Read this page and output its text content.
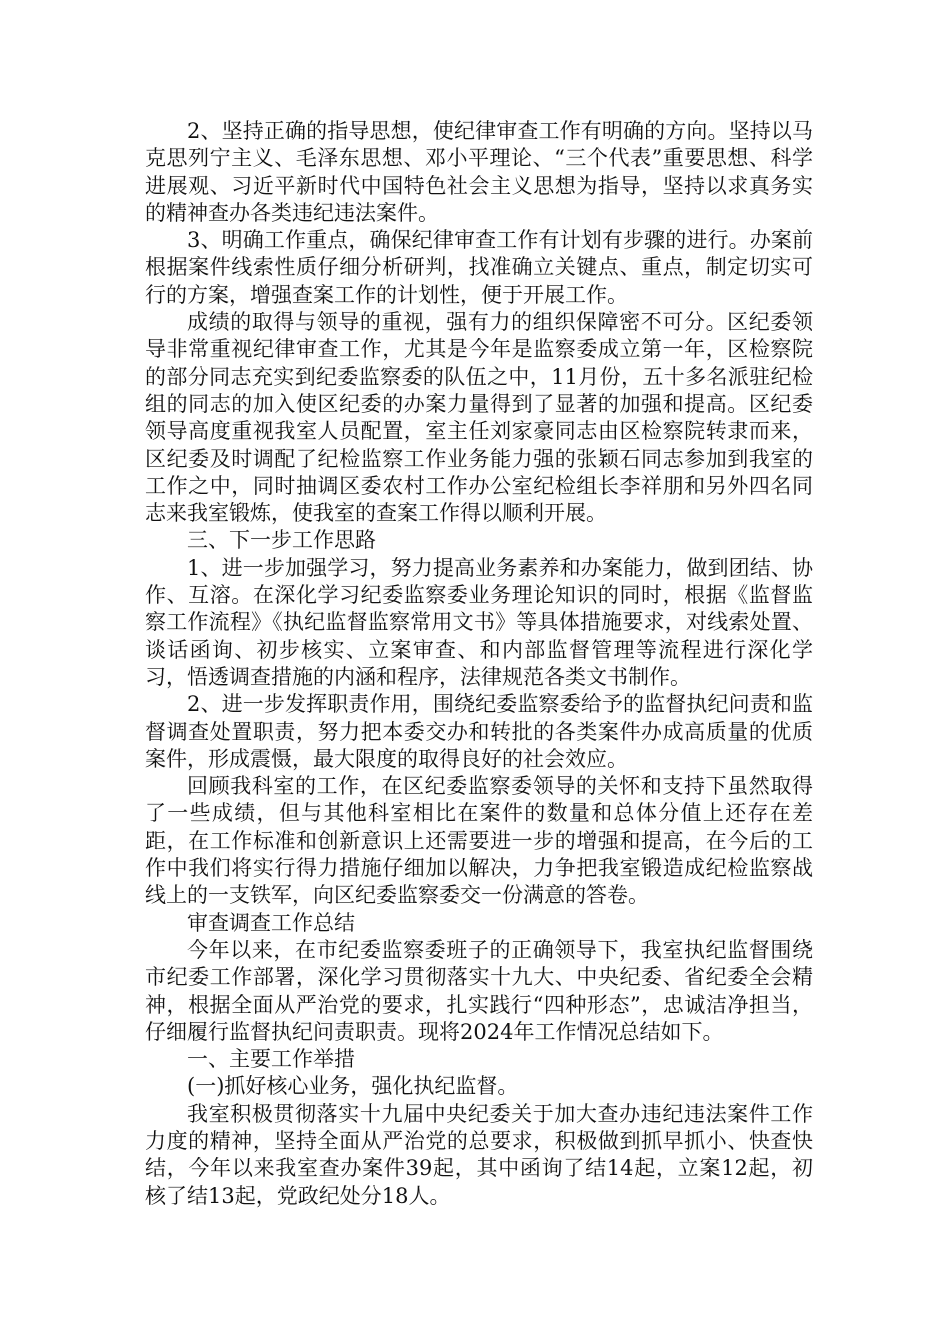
2、坚持正确的指导思想，使纪律审查工作有明确的方向。坚持以马克思列宁主义、毛泽东思想、邓小平理论、“三个代表”重要思想、科学进展观、习近平新时代中国特色社会主义思想为指导，坚持以求真务实的精神查办各类违纪违法案件。

3、明确工作重点，确保纪律审查工作有计划有步骤的进行。办案前根据案件线索性质仔细分析研判，找准确立关键点、重点，制定切实可行的方案，增强查案工作的计划性，便于开展工作。

成绩的取得与领导的重视，强有力的组织保障密不可分。区纪委领导非常重视纪律审查工作，尤其是今年是监察委成立第一年，区检察院的部分同志充实到纪委监察委的队伍之中，11月份，五十多名派驻纪检组的同志的加入使区纪委的办案力量得到了显著的加强和提高。区纪委领导高度重视我室人员配置，室主任刘家豪同志由区检察院转隶而来，区纪委及时调配了纪检监察工作业务能力强的张颖石同志参加到我室的工作之中，同时抽调区委农村工作办公室纪检组长李祥朋和另外四名同志来我室锻炼，使我室的查案工作得以顺利开展。

三、下一步工作思路

1、进一步加强学习，努力提高业务素养和办案能力，做到团结、协作、互溶。在深化学习纪委监察委业务理论知识的同时，根据《监督监察工作流程》《执纪监督监察常用文书》等具体措施要求，对线索处置、谈话函询、初步核实、立案审查、和内部监督管理等流程进行深化学习，悟透调查措施的内涵和程序，法律规范各类文书制作。

2、进一步发挥职责作用，围绕纪委监察委给予的监督执纪问责和监督调查处置职责，努力把本委交办和转批的各类案件办成高质量的优质案件，形成震慑，最大限度的取得良好的社会效应。

回顾我科室的工作，在区纪委监察委领导的关怀和支持下虽然取得了一些成绩，但与其他科室相比在案件的数量和总体分值上还存在差距，在工作标准和创新意识上还需要进一步的增强和提高，在今后的工作中我们将实行得力措施仔细加以解决，力争把我室锻造成纪检监察战线上的一支铁军，向区纪委监察委交一份满意的答卷。

审查调查工作总结

今年以来，在市纪委监察委班子的正确领导下，我室执纪监督围绕市纪委工作部署，深化学习贯彻落实十九大、中央纪委、省纪委全会精神，根据全面从严治党的要求，扎实践行“四种形态”，忠诚洁净担当，仔细履行监督执纪问责职责。现将2024年工作情况总结如下。

一、主要工作举措

(一)抓好核心业务，强化执纪监督。

我室积极贯彻落实十九届中央纪委关于加大查办违纪违法案件工作力度的精神，坚持全面从严治党的总要求，积极做到抓早抓小、快查快结，今年以来我室查办案件39起，其中函询了结14起，立案12起，初核了结13起，党政纪处分18人。
